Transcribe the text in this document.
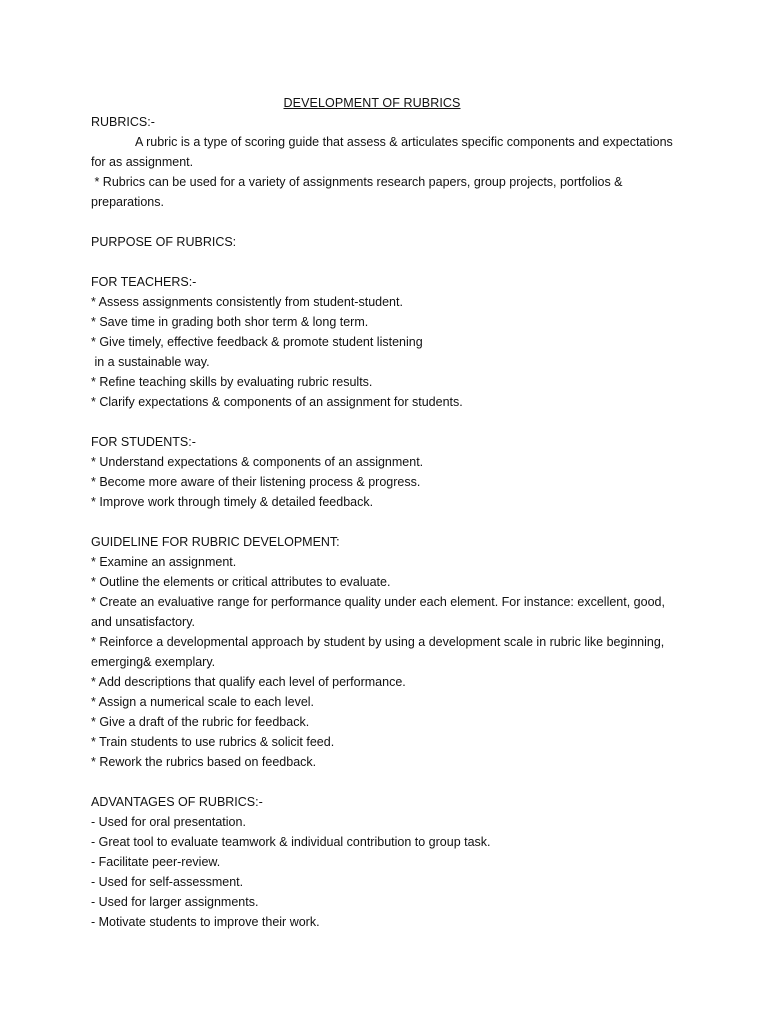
DEVELOPMENT OF RUBRICS
RUBRICS:-
A rubric is a type of scoring guide that assess & articulates specific components and expectations
for as assignment.
* Rubrics can be used for a variety of assignments research papers, group projects, portfolios &
preparations.
PURPOSE OF RUBRICS:
FOR TEACHERS:-
* Assess assignments consistently from student-student.
* Save time in grading both shor term & long term.
* Give timely, effective feedback & promote student listening
in a sustainable way.
* Refine teaching skills by evaluating rubric results.
* Clarify expectations & components of an assignment for students.
FOR STUDENTS:-
* Understand expectations & components of an assignment.
* Become more aware of their listening process & progress.
* Improve work through timely & detailed feedback.
GUIDELINE FOR RUBRIC DEVELOPMENT:
* Examine an assignment.
* Outline the elements or critical attributes to evaluate.
* Create an evaluative range for performance quality under each element. For instance: excellent, good,
and unsatisfactory.
* Reinforce a developmental approach by student by using a development scale in rubric like beginning,
emerging& exemplary.
* Add descriptions that qualify each level of performance.
* Assign a numerical scale to each level.
* Give a draft of the rubric for feedback.
* Train students to use rubrics & solicit feed.
* Rework the rubrics based on feedback.
ADVANTAGES OF RUBRICS:-
- Used for oral presentation.
- Great tool to evaluate teamwork & individual contribution to group task.
- Facilitate peer-review.
- Used for self-assessment.
- Used for larger assignments.
- Motivate students to improve their work.
